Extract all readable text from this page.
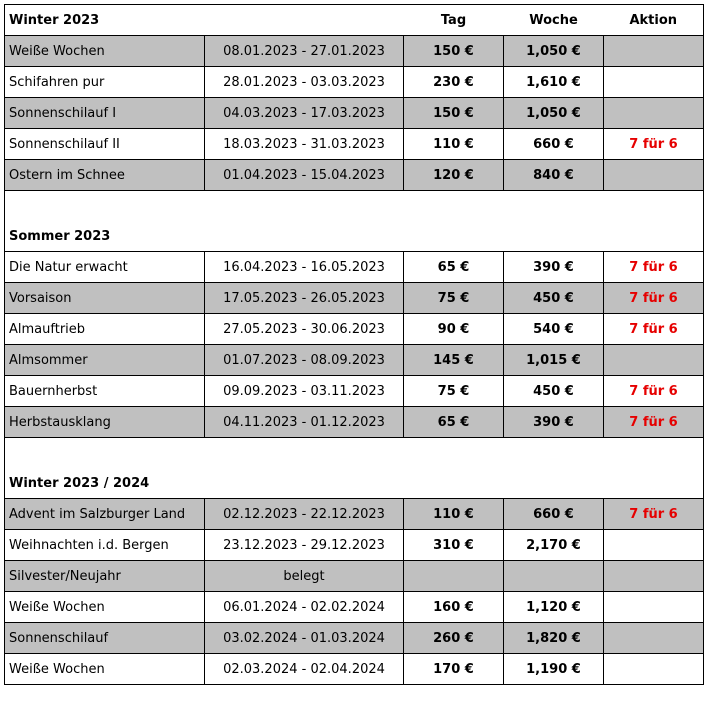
Winter 2023		Tag	Woche	Aktion
Weiße Wochen	08.01.2023 - 27.01.2023	150 €	1,050 €	
Schifahren pur	28.01.2023 - 03.03.2023	230 €	1,610 €	
Sonnenschilauf I	04.03.2023 - 17.03.2023	150 €	1,050 €	
Sonnenschilauf II	18.03.2023 - 31.03.2023	110 €	660 €	7 für 6
Ostern im Schnee	01.04.2023 - 15.04.2023	120 €	840 €	

Sommer 2023				
Die Natur erwacht	16.04.2023 - 16.05.2023	65 €	390 €	7 für 6
Vorsaison	17.05.2023 - 26.05.2023	75 €	450 €	7 für 6
Almauftrieb	27.05.2023 - 30.06.2023	90 €	540 €	7 für 6
Almsommer	01.07.2023 - 08.09.2023	145 €	1,015 €	
Bauernherbst	09.09.2023 - 03.11.2023	75 €	450 €	7 für 6
Herbstausklang	04.11.2023 - 01.12.2023	65 €	390 €	7 für 6

Winter 2023 / 2024				
Advent im Salzburger Land	02.12.2023 - 22.12.2023	110 €	660 €	7 für 6
Weihnachten i.d. Bergen	23.12.2023 - 29.12.2023	310 €	2,170 €	
Silvester/Neujahr	belegt			
Weiße Wochen	06.01.2024 - 02.02.2024	160 €	1,120 €	
Sonnenschilauf	03.02.2024 - 01.03.2024	260 €	1,820 €	
Weiße Wochen	02.03.2024 - 02.04.2024	170 €	1,190 €	
